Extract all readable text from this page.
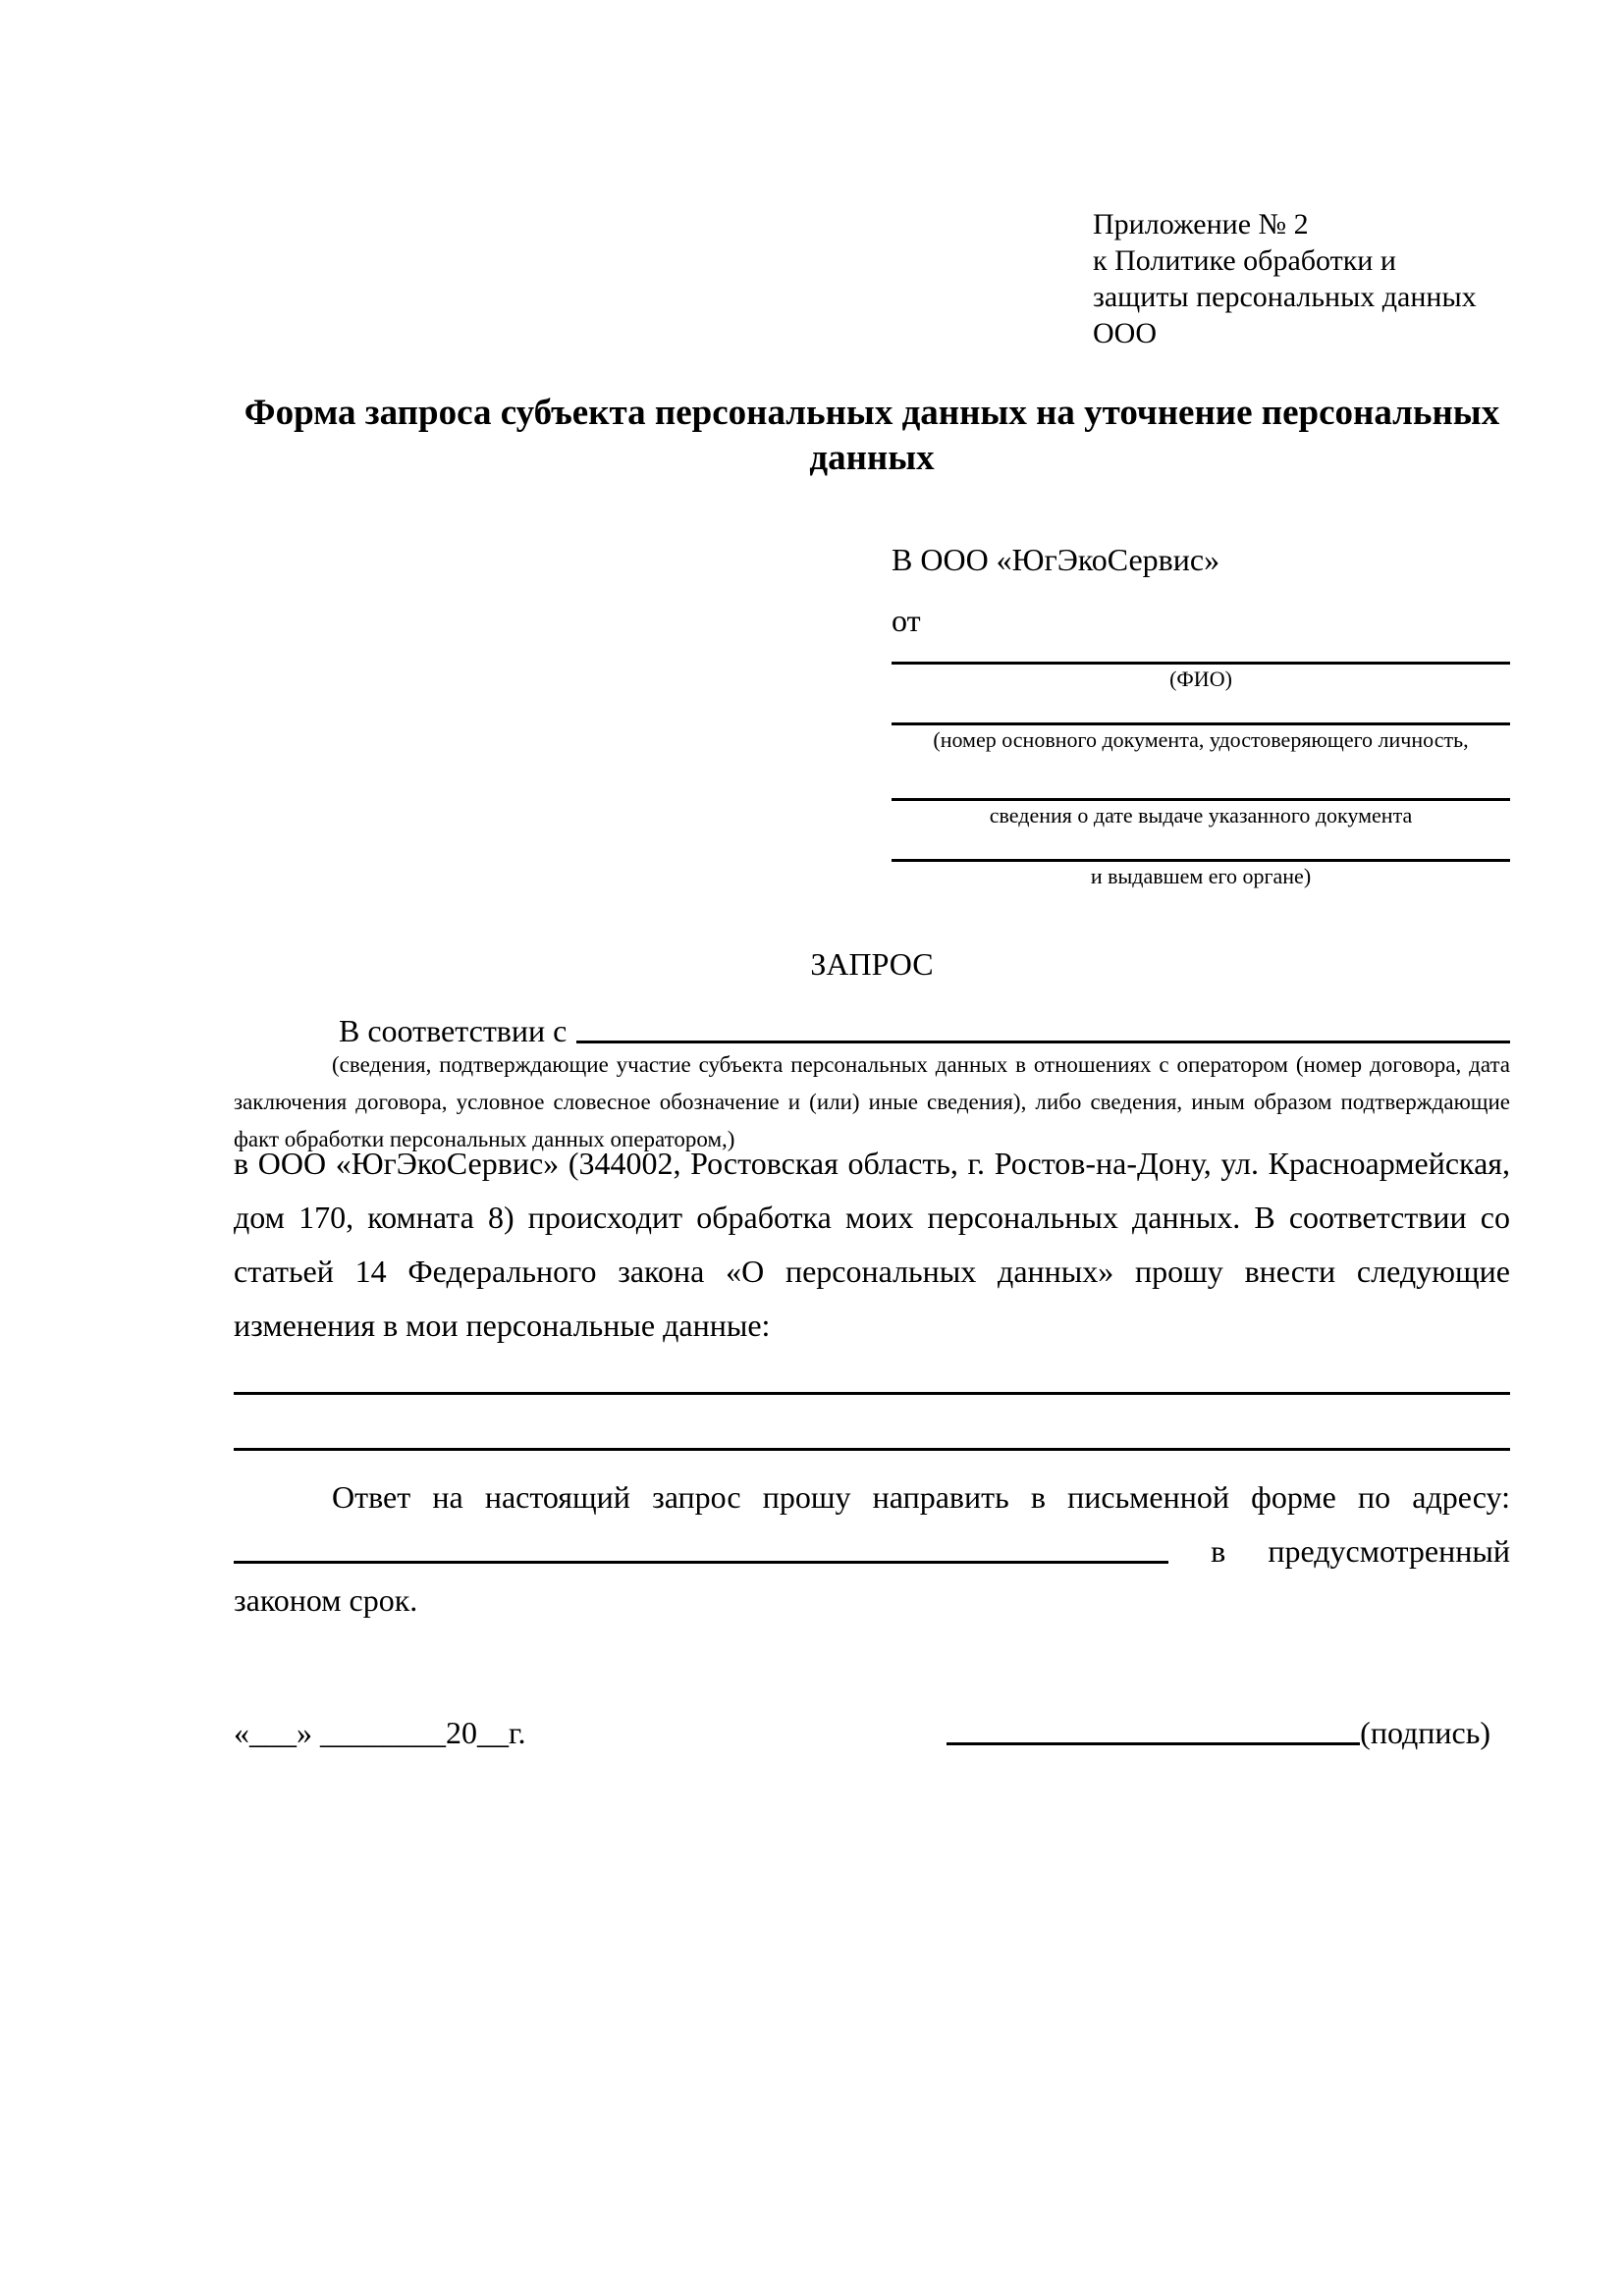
Приложение № 2
к Политике обработки и
защиты персональных данных
ООО
Форма запроса субъекта персональных данных на уточнение персональных данных
В ООО «ЮгЭкоСервис»
от
(ФИО)
(номер основного документа, удостоверяющего личность,
сведения о дате выдаче указанного документа
и выдавшем его органе)
ЗАПРОС
В соответствии с
(сведения, подтверждающие участие субъекта персональных данных в отношениях с оператором (номер договора, дата заключения договора, условное словесное обозначение и (или) иные сведения), либо сведения, иным образом подтверждающие факт обработки персональных данных оператором,)
в ООО «ЮгЭкоСервис» (344002, Ростовская область, г. Ростов-на-Дону, ул. Красноармейская, дом 170, комната 8) происходит обработка моих персональных данных. В соответствии со статьей 14 Федерального закона «О персональных данных» прошу внести следующие изменения в мои персональные данные:
Ответ на настоящий запрос прошу направить в письменной форме по адресу:
в предусмотренный
законом срок.
«___» ________20__г.	(подпись)
